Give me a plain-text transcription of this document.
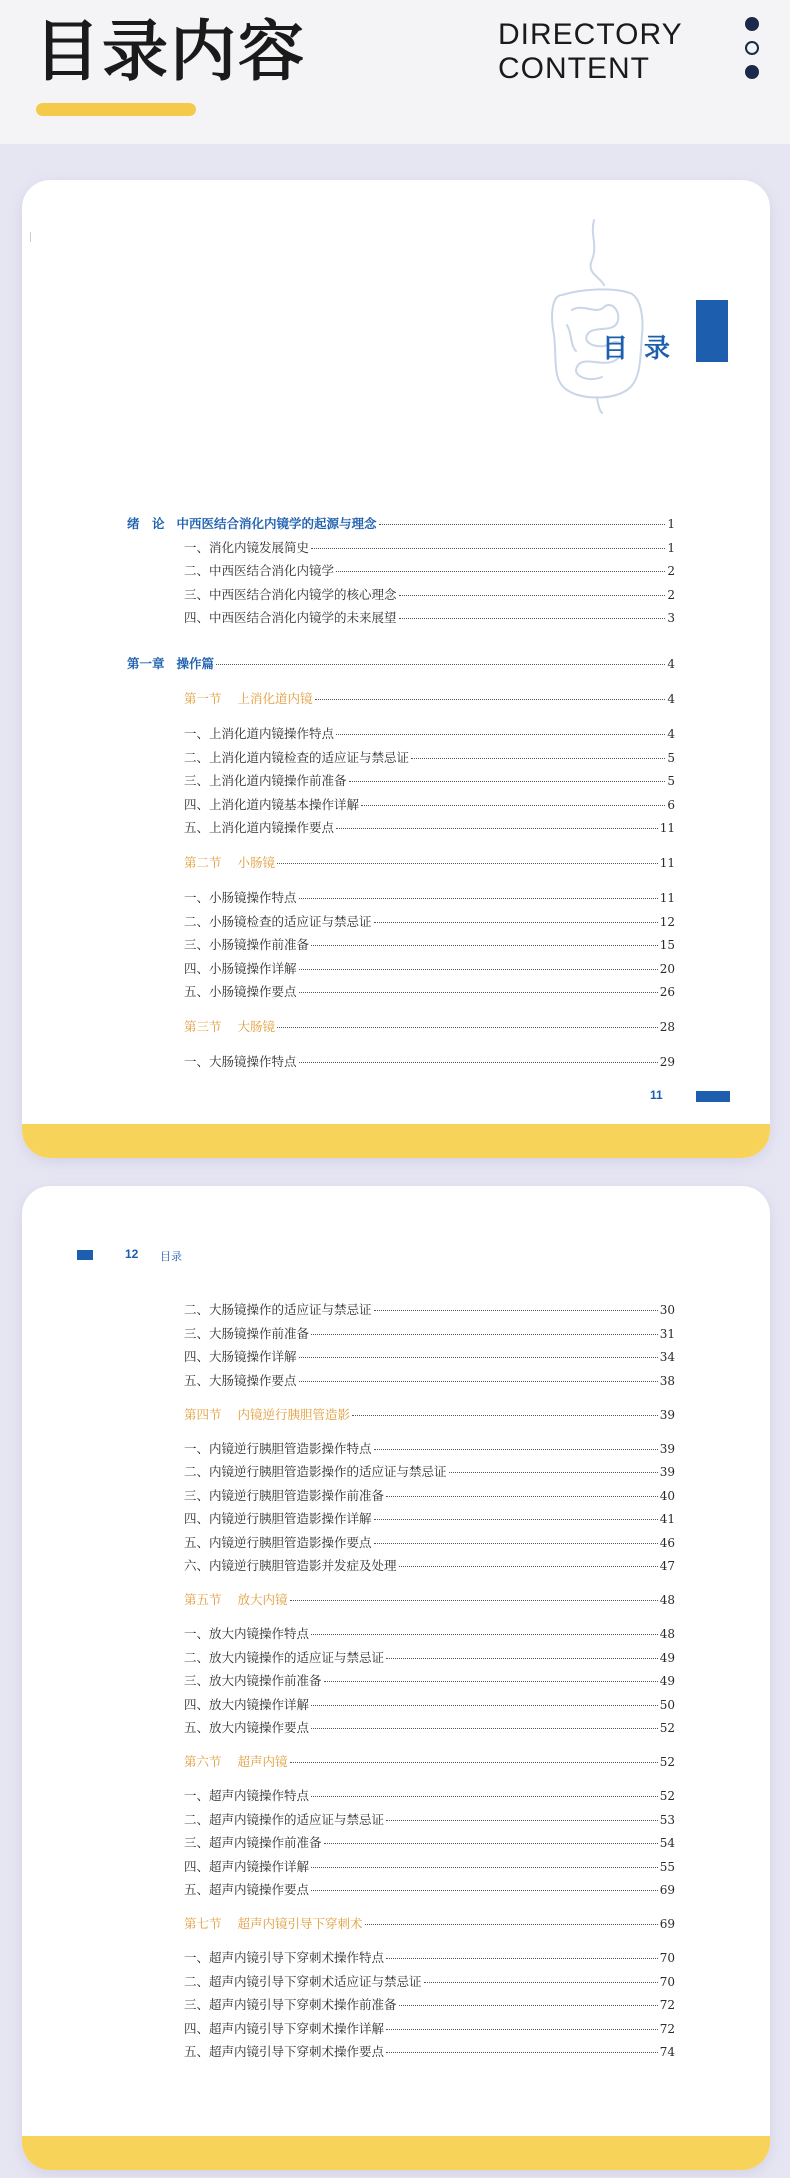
目录内容	DIRECTORY
CONTENT
目录
绪　论 中西医结合消化内镜学的起源与理念	1
一、消化内镜发展简史	1
二、中西医结合消化内镜学	2
三、中西医结合消化内镜学的核心理念	2
四、中西医结合消化内镜学的未来展望	3
第一章 操作篇	4
第一节 上消化道内镜	4
一、上消化道内镜操作特点	4
二、上消化道内镜检查的适应证与禁忌证	5
三、上消化道内镜操作前准备	5
四、上消化道内镜基本操作详解	6
五、上消化道内镜操作要点	11
第二节 小肠镜	11
一、小肠镜操作特点	11
二、小肠镜检查的适应证与禁忌证	12
三、小肠镜操作前准备	15
四、小肠镜操作详解	20
五、小肠镜操作要点	26
第三节 大肠镜	28
一、大肠镜操作特点	29
11
12 目录
二、大肠镜操作的适应证与禁忌证	30
三、大肠镜操作前准备	31
四、大肠镜操作详解	34
五、大肠镜操作要点	38
第四节 内镜逆行胰胆管造影	39
一、内镜逆行胰胆管造影操作特点	39
二、内镜逆行胰胆管造影操作的适应证与禁忌证	39
三、内镜逆行胰胆管造影操作前准备	40
四、内镜逆行胰胆管造影操作详解	41
五、内镜逆行胰胆管造影操作要点	46
六、内镜逆行胰胆管造影并发症及处理	47
第五节 放大内镜	48
一、放大内镜操作特点	48
二、放大内镜操作的适应证与禁忌证	49
三、放大内镜操作前准备	49
四、放大内镜操作详解	50
五、放大内镜操作要点	52
第六节 超声内镜	52
一、超声内镜操作特点	52
二、超声内镜操作的适应证与禁忌证	53
三、超声内镜操作前准备	54
四、超声内镜操作详解	55
五、超声内镜操作要点	69
第七节 超声内镜引导下穿刺术	69
一、超声内镜引导下穿刺术操作特点	70
二、超声内镜引导下穿刺术适应证与禁忌证	70
三、超声内镜引导下穿刺术操作前准备	72
四、超声内镜引导下穿刺术操作详解	72
五、超声内镜引导下穿刺术操作要点	74
